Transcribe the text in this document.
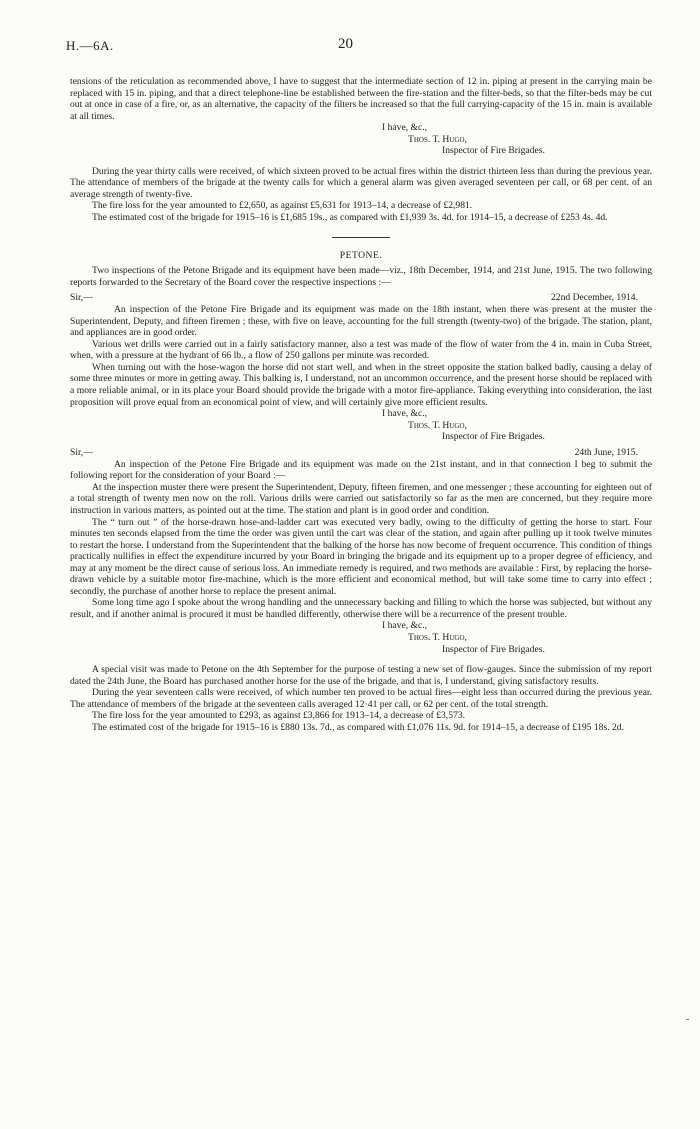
H.—6A.	20

tensions of the reticulation as recommended above, I have to suggest that the intermediate section of 12 in. piping at present in the carrying main be replaced with 15 in. piping, and that a direct telephone-line be established between the fire-station and the filter-beds, so that the filter-beds may be cut out at once in case of a fire, or, as an alternative, the capacity of the filters be increased so that the full carrying-capacity of the 15 in. main is available at all times.

I have, &c.,

Thos. T. Hugo,

Inspector of Fire Brigades.

During the year thirty calls were received, of which sixteen proved to be actual fires within the district thirteen less than during the previous year. The attendance of members of the brigade at the twenty calls for which a general alarm was given averaged seventeen per call, or 68 per cent. of an average strength of twenty-five.

The fire loss for the year amounted to £2,650, as against £5,631 for 1913–14, a decrease of £2,981.

The estimated cost of the brigade for 1915–16 is £1,685 19s., as compared with £1,939 3s. 4d. for 1914–15, a decrease of £253 4s. 4d.

PETONE.

Two inspections of the Petone Brigade and its equipment have been made—viz., 18th December, 1914, and 21st June, 1915. The two following reports forwarded to the Secretary of the Board cover the respective inspections :—

Sir,—	22nd December, 1914.

An inspection of the Petone Fire Brigade and its equipment was made on the 18th instant, when there was present at the muster the Superintendent, Deputy, and fifteen firemen ; these, with five on leave, accounting for the full strength (twenty-two) of the brigade. The station, plant, and appliances are in good order.

Various wet drills were carried out in a fairly satisfactory manner, also a test was made of the flow of water from the 4 in. main in Cuba Street, when, with a pressure at the hydrant of 66 lb., a flow of 250 gallons per minute was recorded.

When turning out with the hose-wagon the horse did not start well, and when in the street opposite the station balked badly, causing a delay of some three minutes or more in getting away. This balking is, I understand, not an uncommon occurrence, and the present horse should be replaced with a more reliable animal, or in its place your Board should provide the brigade with a motor fire-appliance. Taking everything into consideration, the last proposition will prove equal from an economical point of view, and will certainly give more efficient results.

I have, &c.,

Thos. T. Hugo,

Inspector of Fire Brigades.

Sir,—	24th June, 1915.

An inspection of the Petone Fire Brigade and its equipment was made on the 21st instant, and in that connection I beg to submit the following report for the consideration of your Board :—

At the inspection muster there were present the Superintendent, Deputy, fifteen firemen, and one messenger ; these accounting for eighteen out of a total strength of twenty men now on the roll. Various drills were carried out satisfactorily so far as the men are concerned, but they require more instruction in various matters, as pointed out at the time. The station and plant is in good order and condition.

The “ turn out ” of the horse-drawn hose-and-ladder cart was executed very badly, owing to the difficulty of getting the horse to start. Four minutes ten seconds elapsed from the time the order was given until the cart was clear of the station, and again after pulling up it took twelve minutes to restart the horse. I understand from the Superintendent that the balking of the horse has now become of frequent occurrence. This condition of things practically nullifies in effect the expenditure incurred by your Board in bringing the brigade and its equipment up to a proper degree of efficiency, and may at any moment be the direct cause of serious loss. An immediate remedy is required, and two methods are available : First, by replacing the horse-drawn vehicle by a suitable motor fire-machine, which is the more efficient and economical method, but will take some time to carry into effect ; secondly, the purchase of another horse to replace the present animal.

Some long time ago I spoke about the wrong handling and the unnecessary backing and filling to which the horse was subjected, but without any result, and if another animal is procured it must be handled differently, otherwise there will be a recurrence of the present trouble.

I have, &c.,

Thos. T. Hugo,

Inspector of Fire Brigades.

A special visit was made to Petone on the 4th September for the purpose of testing a new set of flow-gauges. Since the submission of my report dated the 24th June, the Board has purchased another horse for the use of the brigade, and that is, I understand, giving satisfactory results.

During the year seventeen calls were received, of which number ten proved to be actual fires—eight less than occurred during the previous year. The attendance of members of the brigade at the seventeen calls averaged 12·41 per call, or 62 per cent. of the total strength.

The fire loss for the year amounted to £293, as against £3,866 for 1913–14, a decrease of £3,573.

The estimated cost of the brigade for 1915–16 is £880 13s. 7d., as compared with £1,076 11s. 9d. for 1914–15, a decrease of £195 18s. 2d.

-
